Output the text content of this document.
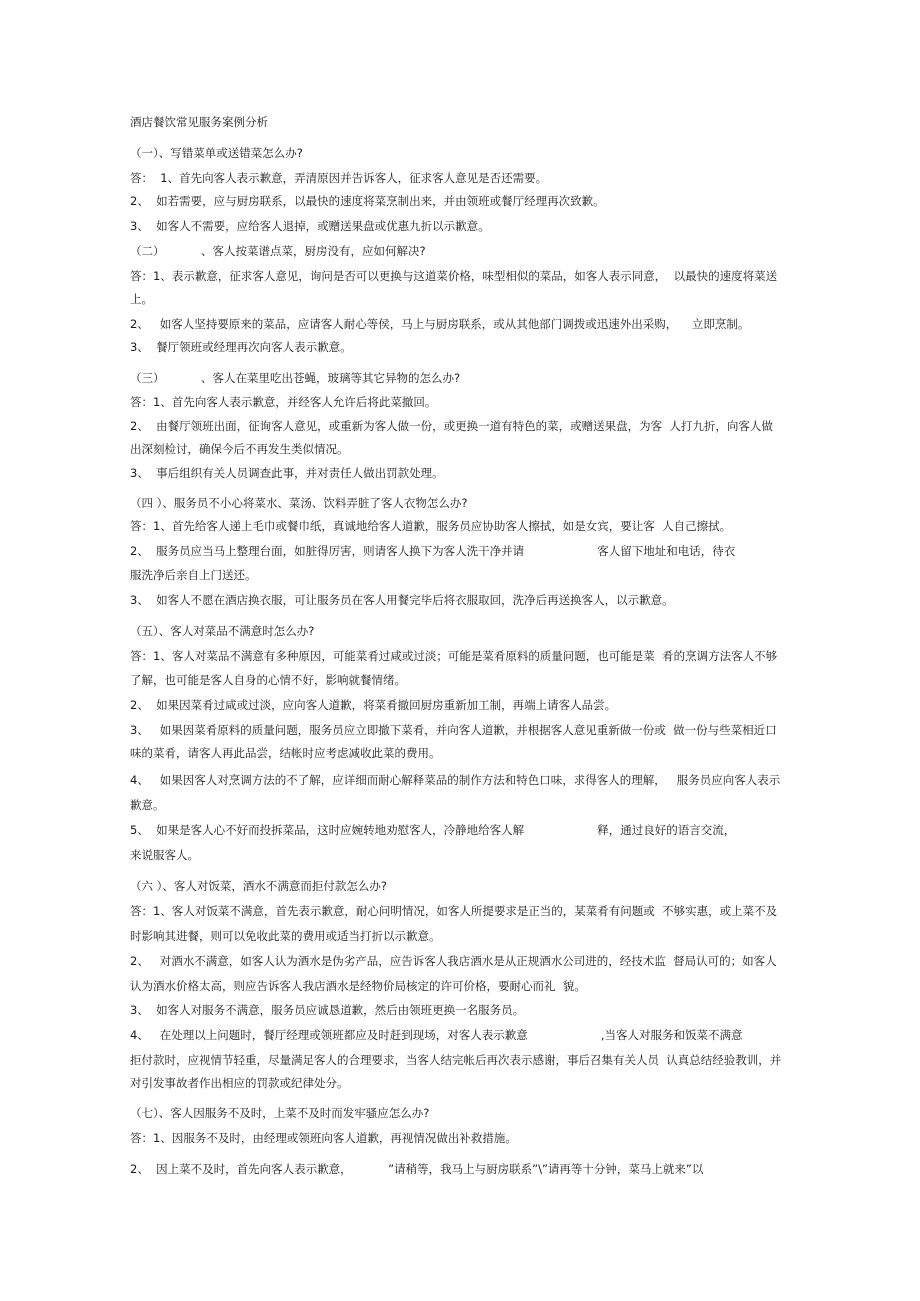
酒店餐饮常见服务案例分析
（一）、写错菜单或送错菜怎么办?
答：  1、首先向客人表示歉意，弄清原因并告诉客人，征求客人意见是否还需要。
2、  如若需要，应与厨房联系，以最快的速度将菜烹制出来，并由领班或餐厅经理再次致歉。
3、  如客人不需要，应给客人退掉，或赠送果盘或优惠九折以示歉意。
（二）          、客人按菜谱点菜，厨房没有，应如何解决?
答：1、表示歉意，征求客人意见，询问是否可以更换与这道菜价格，味型相似的菜品，如客人表示同意，  以最快的速度将菜送
上。
2、   如客人坚持要原来的菜品，应请客人耐心等侯，马上与厨房联系，或从其他部门调拨或迅速外出采购，    立即烹制。
3、  餐厅领班或经理再次向客人表示歉意。
（三）          、客人在菜里吃出苍蝇，玻璃等其它异物的怎么办?
答：1、首先向客人表示歉意，并经客人允许后将此菜撤回。
2、  由餐厅领班出面，征询客人意见，或重新为客人做一份，或更换一道有特色的菜，或赠送果盘，为客  人打九折，向客人做
出深刻检讨，确保今后不再发生类似情况。
3、  事后组织有关人员调查此事，并对责任人做出罚款处理。
（四 ）、服务员不小心将菜水、菜汤、饮料弄脏了客人衣物怎么办?
答：1、首先给客人递上毛巾或餐巾纸，真诚地给客人道歉，服务员应协助客人擦拭，如是女宾，要让客  人自己擦拭。
2、  服务员应当马上整理台面，如脏得厉害，则请客人换下为客人洗干净并请                    客人留下地址和电话，待衣
服洗净后亲自上门送还。
3、  如客人不愿在酒店换衣服，可让服务员在客人用餐完毕后将衣服取回，洗净后再送换客人，以示歉意。
（五）、客人对菜品不满意时怎么办?
答：1、客人对菜品不满意有多种原因，可能菜肴过咸或过淡；可能是菜肴原料的质量问题，也可能是菜  肴的烹调方法客人不够
了解，也可能是客人自身的心情不好，影响就餐情绪。
2、  如果因菜肴过咸或过淡，应向客人道歉，将菜肴撤回厨房重新加工制，再端上请客人品尝。
3、   如果因菜肴原料的质量问题，服务员应立即撤下菜肴，并向客人道歉，并根据客人意见重新做一份或  做一份与些菜相近口
味的菜肴，请客人再此品尝，结帐时应考虑减收此菜的费用。
4、   如果因客人对烹调方法的不了解，应详细而耐心解释菜品的制作方法和特色口味，求得客人的理解，   服务员应向客人表示
歉意。
5、  如果是客人心不好而投拆菜品，这时应婉转地劝慰客人，冷静地给客人解                    释，通过良好的语言交流，
来说服客人。
（六 ）、客人对饭菜，酒水不满意而拒付款怎么办?
答：1、客人对饭菜不满意，首先表示歉意，耐心问明情况，如客人所提要求是正当的，某菜肴有问题或  不够实惠，或上菜不及
时影响其进餐，则可以免收此菜的费用或适当打折以示歉意。
2、   对酒水不满意，如客人认为酒水是伪劣产品，应告诉客人我店酒水是从正规酒水公司进的，经技术监  督局认可的；如客人
认为酒水价格太高，则应告诉客人我店酒水是经物价局核定的许可价格，要耐心而礼  貌。
3、  如客人对服务不满意，服务员应诚恳道歉，然后由领班更换一名服务员。
4、   在处理以上问题时，餐厅经理或领班都应及时赶到现场，对客人表示歉意                    ,当客人对服务和饭菜不满意
拒付款时，应视情节轻重，尽量满足客人的合理要求，当客人结完帐后再次表示感谢，事后召集有关人员  认真总结经验教训，并
对引发事故者作出相应的罚款或纪律处分。
（七）、客人因服务不及时，上菜不及时而发牢骚应怎么办?
答：1、因服务不及时，由经理或领班向客人道歉，再视情况做出补救措施。
2、  因上菜不及时，首先向客人表示歉意，          ”请稍等，我马上与厨房联系”\”请再等十分钟，菜马上就来”以
